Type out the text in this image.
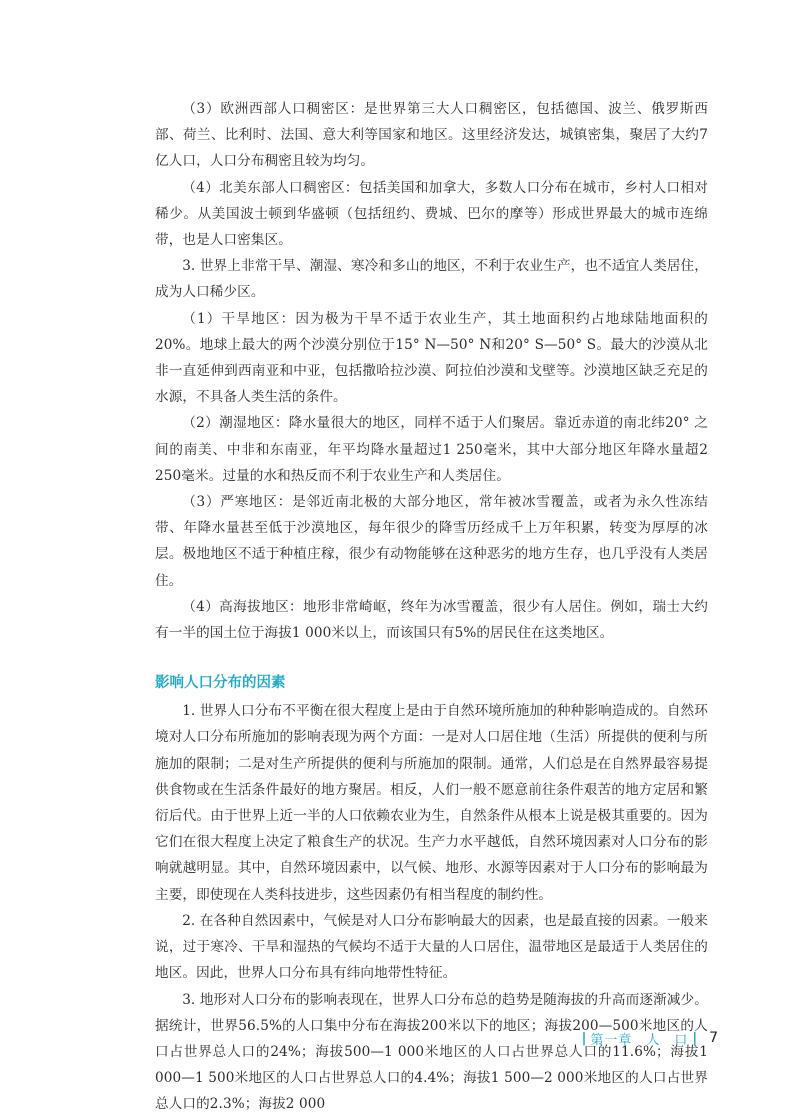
（3）欧洲西部人口稠密区：是世界第三大人口稠密区，包括德国、波兰、俄罗斯西部、荷兰、比利时、法国、意大利等国家和地区。这里经济发达，城镇密集，聚居了大约7亿人口，人口分布稠密且较为均匀。

（4）北美东部人口稠密区：包括美国和加拿大，多数人口分布在城市，乡村人口相对稀少。从美国波士顿到华盛顿（包括纽约、费城、巴尔的摩等）形成世界最大的城市连绵带，也是人口密集区。

3. 世界上非常干旱、潮湿、寒冷和多山的地区，不利于农业生产，也不适宜人类居住，成为人口稀少区。

（1）干旱地区：因为极为干旱不适于农业生产，其土地面积约占地球陆地面积的20%。地球上最大的两个沙漠分别位于15° N—50° N和20° S—50° S。最大的沙漠从北非一直延伸到西南亚和中亚，包括撒哈拉沙漠、阿拉伯沙漠和戈壁等。沙漠地区缺乏充足的水源，不具备人类生活的条件。

（2）潮湿地区：降水量很大的地区，同样不适于人们聚居。靠近赤道的南北纬20° 之间的南美、中非和东南亚，年平均降水量超过1 250毫米，其中大部分地区年降水量超2 250毫米。过量的水和热反而不利于农业生产和人类居住。

（3）严寒地区：是邻近南北极的大部分地区，常年被冰雪覆盖，或者为永久性冻结带、年降水量甚至低于沙漠地区，每年很少的降雪历经成千上万年积累，转变为厚厚的冰层。极地地区不适于种植庄稼，很少有动物能够在这种恶劣的地方生存，也几乎没有人类居住。

（4）高海拔地区：地形非常崎岖，终年为冰雪覆盖，很少有人居住。例如，瑞士大约有一半的国土位于海拔1 000米以上，而该国只有5%的居民住在这类地区。

影响人口分布的因素

1. 世界人口分布不平衡在很大程度上是由于自然环境所施加的种种影响造成的。自然环境对人口分布所施加的影响表现为两个方面：一是对人口居住地（生活）所提供的便利与所施加的限制；二是对生产所提供的便利与所施加的限制。通常，人们总是在自然界最容易提供食物或在生活条件最好的地方聚居。相反，人们一般不愿意前往条件艰苦的地方定居和繁衍后代。由于世界上近一半的人口依赖农业为生，自然条件从根本上说是极其重要的。因为它们在很大程度上决定了粮食生产的状况。生产力水平越低，自然环境因素对人口分布的影响就越明显。其中，自然环境因素中，以气候、地形、水源等因素对于人口分布的影响最为主要，即使现在人类科技进步，这些因素仍有相当程度的制约性。

2. 在各种自然因素中，气候是对人口分布影响最大的因素，也是最直接的因素。一般来说，过于寒冷、干旱和湿热的气候均不适于大量的人口居住，温带地区是最适于人类居住的地区。因此，世界人口分布具有纬向地带性特征。

3. 地形对人口分布的影响表现在，世界人口分布总的趋势是随海拔的升高而逐渐减少。据统计，世界56.5%的人口集中分布在海拔200米以下的地区；海拔200—500米地区的人口占世界总人口的24%；海拔500—1 000米地区的人口占世界总人口的11.6%；海拔1 000—1 500米地区的人口占世界总人口的4.4%；海拔1 500—2 000米地区的人口占世界总人口的2.3%；海拔2 000

| 第一章　人　口 | 7
